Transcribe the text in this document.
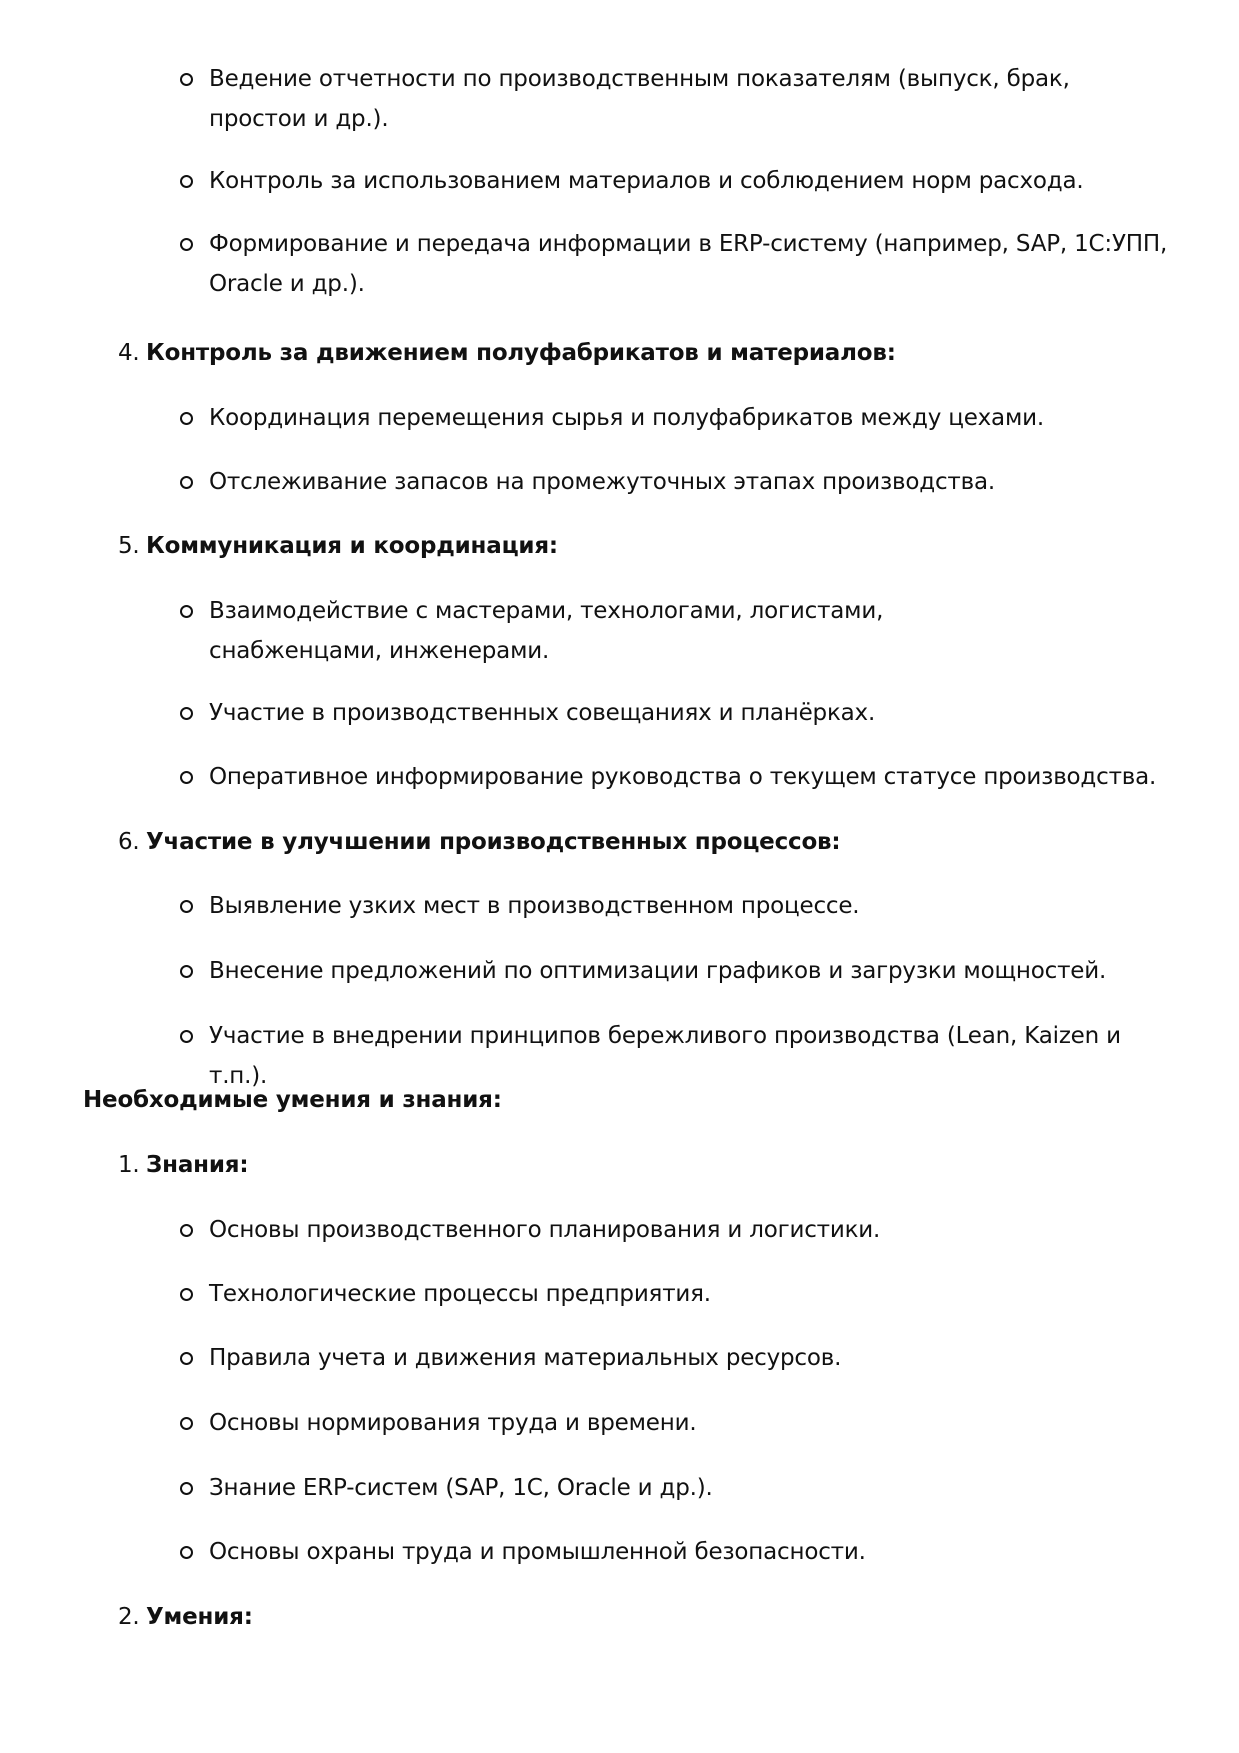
Ведение отчетности по производственным показателям (выпуск, брак, простои и др.).
Контроль за использованием материалов и соблюдением норм расхода.
Формирование и передача информации в ERP-систему (например, SAP, 1С:УПП, Oracle и др.).
4. Контроль за движением полуфабрикатов и материалов:
Координация перемещения сырья и полуфабрикатов между цехами.
Отслеживание запасов на промежуточных этапах производства.
5. Коммуникация и координация:
Взаимодействие с мастерами, технологами, логистами, снабженцами, инженерами.
Участие в производственных совещаниях и планёрках.
Оперативное информирование руководства о текущем статусе производства.
6. Участие в улучшении производственных процессов:
Выявление узких мест в производственном процессе.
Внесение предложений по оптимизации графиков и загрузки мощностей.
Участие в внедрении принципов бережливого производства (Lean, Kaizen и т.п.).
Необходимые умения и знания:
1. Знания:
Основы производственного планирования и логистики.
Технологические процессы предприятия.
Правила учета и движения материальных ресурсов.
Основы нормирования труда и времени.
Знание ERP-систем (SAP, 1С, Oracle и др.).
Основы охраны труда и промышленной безопасности.
2. Умения:
